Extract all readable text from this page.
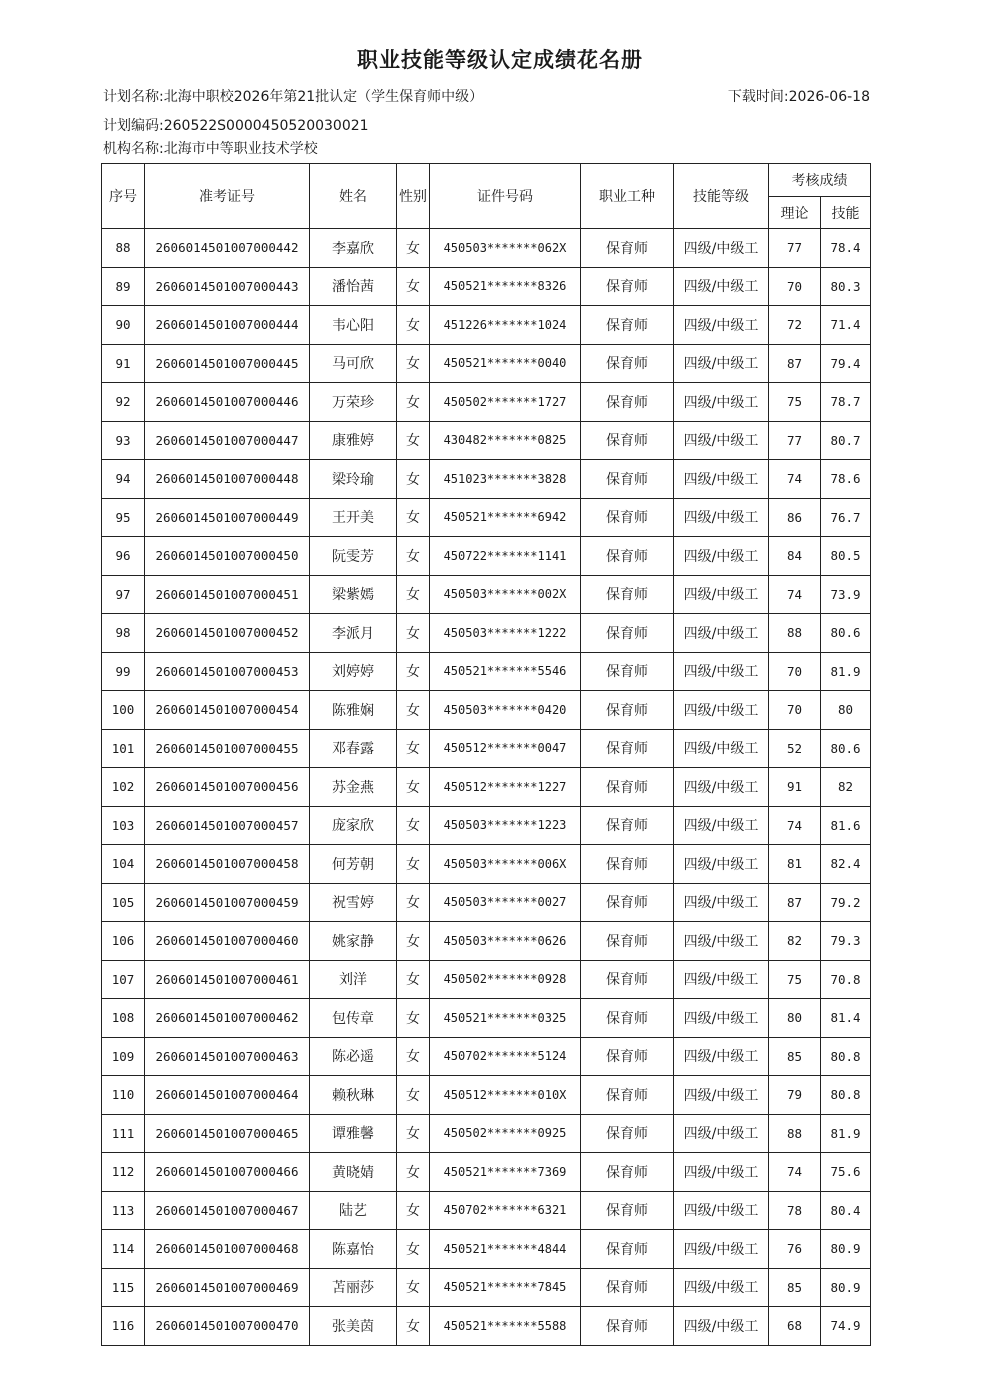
职业技能等级认定成绩花名册
计划名称:北海中职校2026年第21批认定（学生保育师中级）	下载时间:2026-06-18
计划编码:260522S0000450520030021
机构名称:北海市中等职业技术学校
序号	准考证号	姓名	性别	证件号码	职业工种	技能等级	考核成绩	
							理论	技能
88	2606014501007000442	李嘉欣	女	450503*******062X	保育师	四级/中级工	77	78.4
89	2606014501007000443	潘怡茜	女	450521*******8326	保育师	四级/中级工	70	80.3
90	2606014501007000444	韦心阳	女	451226*******1024	保育师	四级/中级工	72	71.4
91	2606014501007000445	马可欣	女	450521*******0040	保育师	四级/中级工	87	79.4
92	2606014501007000446	万荣珍	女	450502*******1727	保育师	四级/中级工	75	78.7
93	2606014501007000447	康雅婷	女	430482*******0825	保育师	四级/中级工	77	80.7
94	2606014501007000448	梁玲瑜	女	451023*******3828	保育师	四级/中级工	74	78.6
95	2606014501007000449	王开美	女	450521*******6942	保育师	四级/中级工	86	76.7
96	2606014501007000450	阮雯芳	女	450722*******1141	保育师	四级/中级工	84	80.5
97	2606014501007000451	梁紫嫣	女	450503*******002X	保育师	四级/中级工	74	73.9
98	2606014501007000452	李派月	女	450503*******1222	保育师	四级/中级工	88	80.6
99	2606014501007000453	刘婷婷	女	450521*******5546	保育师	四级/中级工	70	81.9
100	2606014501007000454	陈雅娴	女	450503*******0420	保育师	四级/中级工	70	80
101	2606014501007000455	邓春露	女	450512*******0047	保育师	四级/中级工	52	80.6
102	2606014501007000456	苏金燕	女	450512*******1227	保育师	四级/中级工	91	82
103	2606014501007000457	庞家欣	女	450503*******1223	保育师	四级/中级工	74	81.6
104	2606014501007000458	何芳朝	女	450503*******006X	保育师	四级/中级工	81	82.4
105	2606014501007000459	祝雪婷	女	450503*******0027	保育师	四级/中级工	87	79.2
106	2606014501007000460	姚家静	女	450503*******0626	保育师	四级/中级工	82	79.3
107	2606014501007000461	刘洋	女	450502*******0928	保育师	四级/中级工	75	70.8
108	2606014501007000462	包传章	女	450521*******0325	保育师	四级/中级工	80	81.4
109	2606014501007000463	陈必遥	女	450702*******5124	保育师	四级/中级工	85	80.8
110	2606014501007000464	赖秋琳	女	450512*******010X	保育师	四级/中级工	79	80.8
111	2606014501007000465	谭雅馨	女	450502*******0925	保育师	四级/中级工	88	81.9
112	2606014501007000466	黄晓婧	女	450521*******7369	保育师	四级/中级工	74	75.6
113	2606014501007000467	陆艺	女	450702*******6321	保育师	四级/中级工	78	80.4
114	2606014501007000468	陈嘉怡	女	450521*******4844	保育师	四级/中级工	76	80.9
115	2606014501007000469	苫丽莎	女	450521*******7845	保育师	四级/中级工	85	80.9
116	2606014501007000470	张美茵	女	450521*******5588	保育师	四级/中级工	68	74.9
